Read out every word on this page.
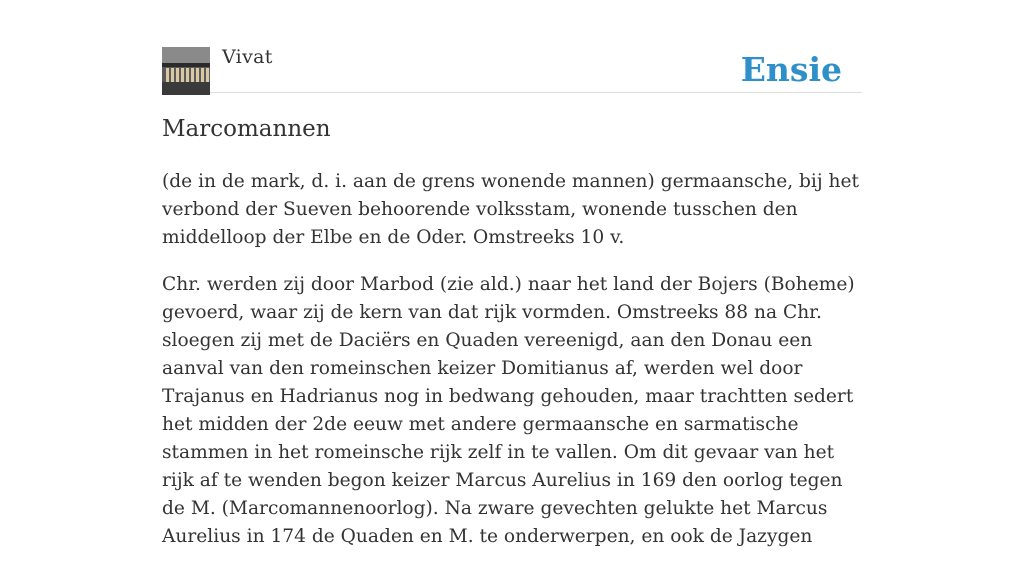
Vivat	Ensie
Marcomannen

(de in de mark, d. i. aan de grens wonende mannen) germaansche, bij het verbond der Sueven behoorende volksstam, wonende tusschen den middelloop der Elbe en de Oder. Omstreeks 10 v.

Chr. werden zij door Marbod (zie ald.) naar het land der Bojers (Boheme) gevoerd, waar zij de kern van dat rijk vormden. Omstreeks 88 na Chr. sloegen zij met de Daciërs en Quaden vereenigd, aan den Donau een aanval van den romeinschen keizer Domitianus af, werden wel door Trajanus en Hadrianus nog in bedwang gehouden, maar trachtten sedert het midden der 2de eeuw met andere germaansche en sarmatische stammen in het romeinsche rijk zelf in te vallen. Om dit gevaar van het rijk af te wenden begon keizer Marcus Aurelius in 169 den oorlog tegen de M. (Marcomannenoorlog). Na zware gevechten gelukte het Marcus Aurelius in 174 de Quaden en M. te onderwerpen, en ook de Jazygen
